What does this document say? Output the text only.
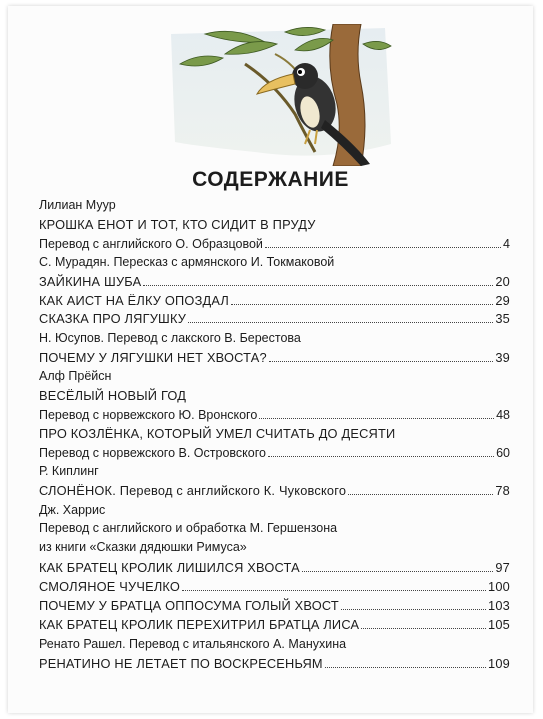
СОДЕРЖАНИЕ
Лилиан Муур
КРОШКА ЕНОТ И ТОТ, КТО СИДИТ В ПРУДУ
Перевод с английского О. Образцовой	4
С. Мурадян. Пересказ с армянского И. Токмаковой
ЗАЙКИНА ШУБА	20
КАК АИСТ НА ЁЛКУ ОПОЗДАЛ	29
СКАЗКА ПРО ЛЯГУШКУ	35
Н. Юсупов. Перевод с лакского В. Берестова
ПОЧЕМУ У ЛЯГУШКИ НЕТ ХВОСТА?	39
Алф Прёйсн
ВЕСЁЛЫЙ НОВЫЙ ГОД
Перевод с норвежского Ю. Вронского	48
ПРО КОЗЛЁНКА, КОТОРЫЙ УМЕЛ СЧИТАТЬ ДО ДЕСЯТИ
Перевод с норвежского В. Островского	60
Р. Киплинг
СЛОНЁНОК. Перевод с английского К. Чуковского	78
Дж. Харрис
Перевод с английского и обработка М. Гершензона
из книги «Сказки дядюшки Римуса»
КАК БРАТЕЦ КРОЛИК ЛИШИЛСЯ ХВОСТА	97
СМОЛЯНОЕ ЧУЧЕЛКО	100
ПОЧЕМУ У БРАТЦА ОППОСУМА ГОЛЫЙ ХВОСТ	103
КАК БРАТЕЦ КРОЛИК ПЕРЕХИТРИЛ БРАТЦА ЛИСА	105
Ренато Рашел. Перевод с итальянского А. Манухина
РЕНАТИНО НЕ ЛЕТАЕТ ПО ВОСКРЕСЕНЬЯМ	109
